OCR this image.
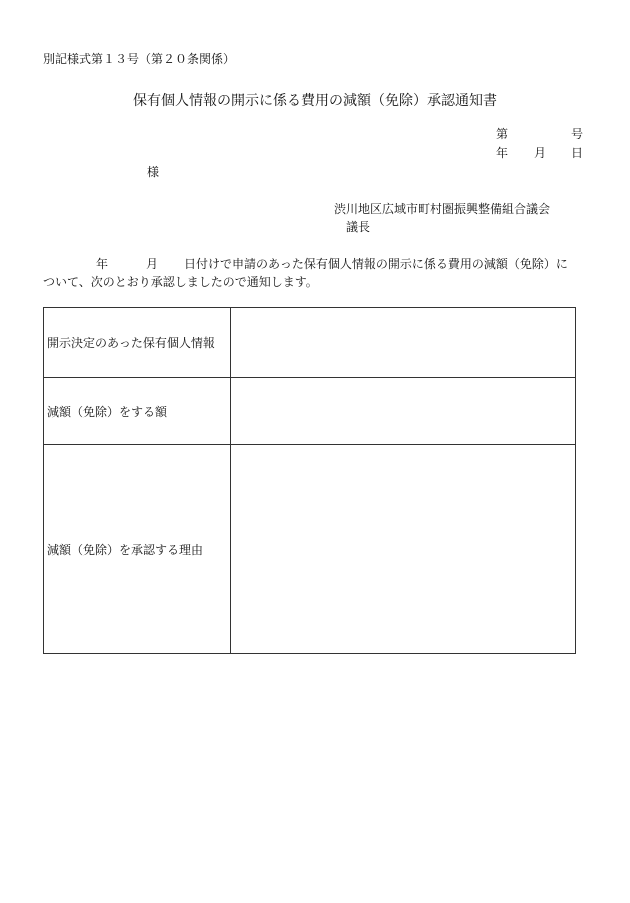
別記様式第１３号（第２０条関係）
保有個人情報の開示に係る費用の減額（免除）承認通知書
第	号
年 月 日
様
渋川地区広域市町村圏振興整備組合議会
議長
年	月 日付けで申請のあった保有個人情報の開示に係る費用の減額（免除）に
ついて、次のとおり承認しましたので通知します。
開示決定のあった保有個人情報	
減額（免除）をする額	
減額（免除）を承認する理由	
